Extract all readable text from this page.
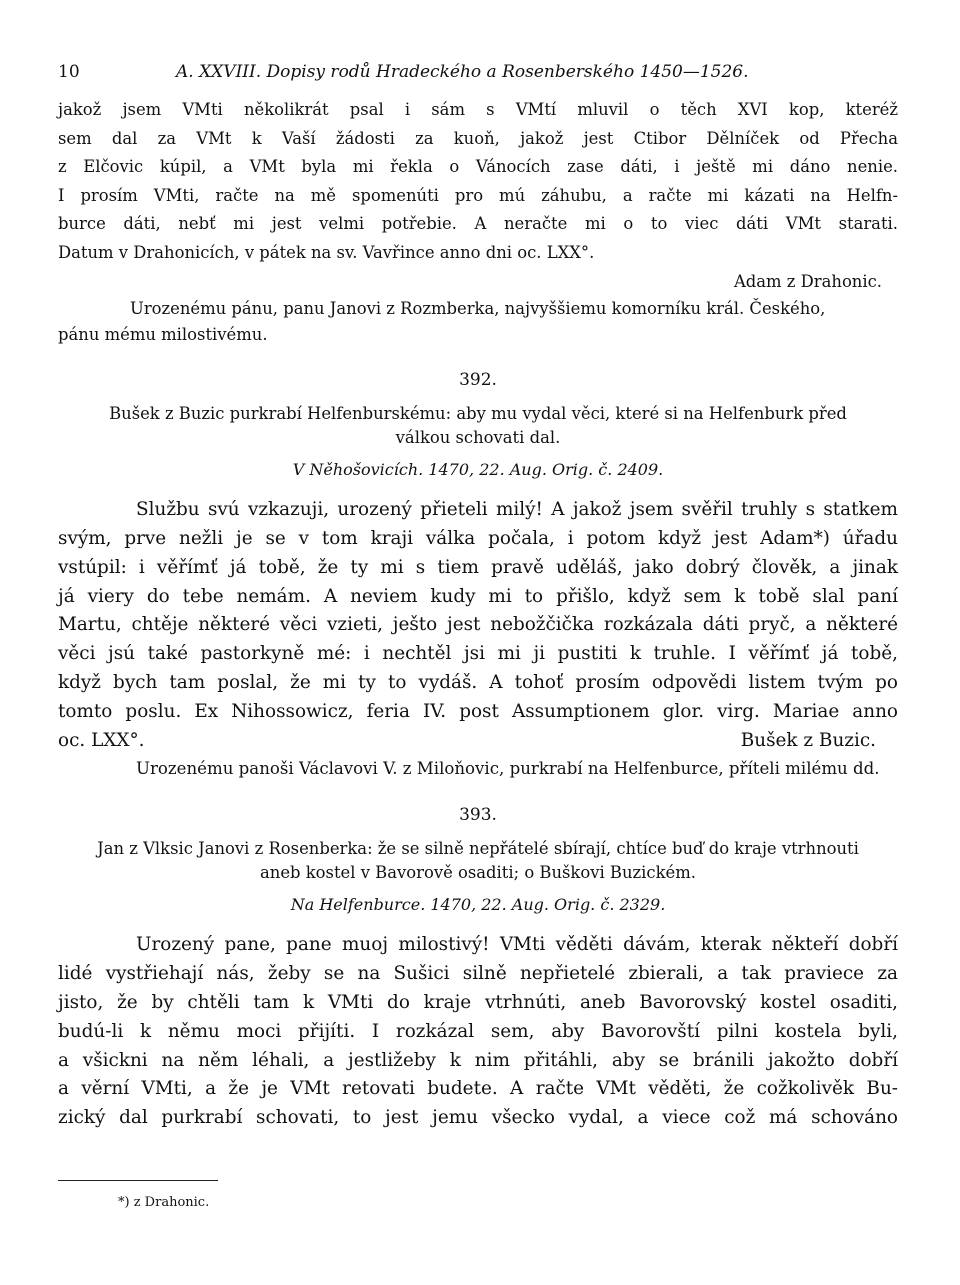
10	A. XXVIII. Dopisy rodů Hradeckého a Rosenberského 1450—1526.
jakož jsem VMti několikrát psal i sám s VMtí mluvil o těch XVI kop, kteréž
sem dal za VMt k Vaší žádosti za kuoň, jakož jest Ctibor Dělníček od Přecha
z Elčovic kúpil, a VMt byla mi řekla o Vánocích zase dáti, i ještě mi dáno nenie.
I prosím VMti, račte na mě spomenúti pro mú záhubu, a račte mi kázati na Helfn-
burce dáti, nebť mi jest velmi potřebie. A neračte mi o to viec dáti VMt starati.
Datum v Drahonicích, v pátek na sv. Vavřince anno dni oc. LXX°.

Adam z Drahonic.

Urozenému pánu, panu Janovi z Rozmberka, najvyššiemu komorníku král. Českého,

pánu mému milostivému.

392.

Bušek z Buzic purkrabí Helfenburskému: aby mu vydal věci, které si na Helfenburk před

válkou schovati dal.

V Něhošovicích. 1470, 22. Aug. Orig. č. 2409.
Službu svú vzkazuji, urozený přieteli milý! A jakož jsem svěřil truhly s statkem
svým, prve nežli je se v tom kraji válka počala, i potom když jest Adam*) úřadu
vstúpil: i věřímť já tobě, že ty mi s tiem pravě uděláš, jako dobrý člověk, a jinak
já viery do tebe nemám. A neviem kudy mi to přišlo, když sem k tobě slal paní
Martu, chtěje některé věci vzieti, ješto jest nebožčička rozkázala dáti pryč, a některé
věci jsú také pastorkyně mé: i nechtěl jsi mi ji pustiti k truhle. I věřímť já tobě,
když bych tam poslal, že mi ty to vydáš. A tohoť prosím odpovědi listem tvým po
tomto poslu. Ex Nihossowicz, feria IV. post Assumptionem glor. virg. Mariae anno
oc. LXX°.	Bušek z Buzic.

Urozenému panoši Václavovi V. z Miloňovic, purkrabí na Helfenburce, příteli milému dd.

393.

Jan z Vlksic Janovi z Rosenberka: že se silně nepřátelé sbírají, chtíce buď do kraje vtrhnouti

aneb kostel v Bavorově osaditi; o Buškovi Buzickém.

Na Helfenburce. 1470, 22. Aug. Orig. č. 2329.
Urozený pane, pane muoj milostivý! VMti věděti dávám, kterak někteří dobří
lidé vystřiehají nás, žeby se na Sušici silně nepřietelé zbierali, a tak praviece za
jisto, že by chtěli tam k VMti do kraje vtrhnúti, aneb Bavorovský kostel osaditi,
budú-li k němu moci přijíti. I rozkázal sem, aby Bavorovští pilni kostela byli,
a všickni na něm léhali, a jestližeby k nim přitáhli, aby se bránili jakožto dobří
a věrní VMti, a že je VMt retovati budete. A račte VMt věděti, že cožkolivěk Bu-
zický dal purkrabí schovati, to jest jemu všecko vydal, a viece což má schováno
*) z Drahonic.
